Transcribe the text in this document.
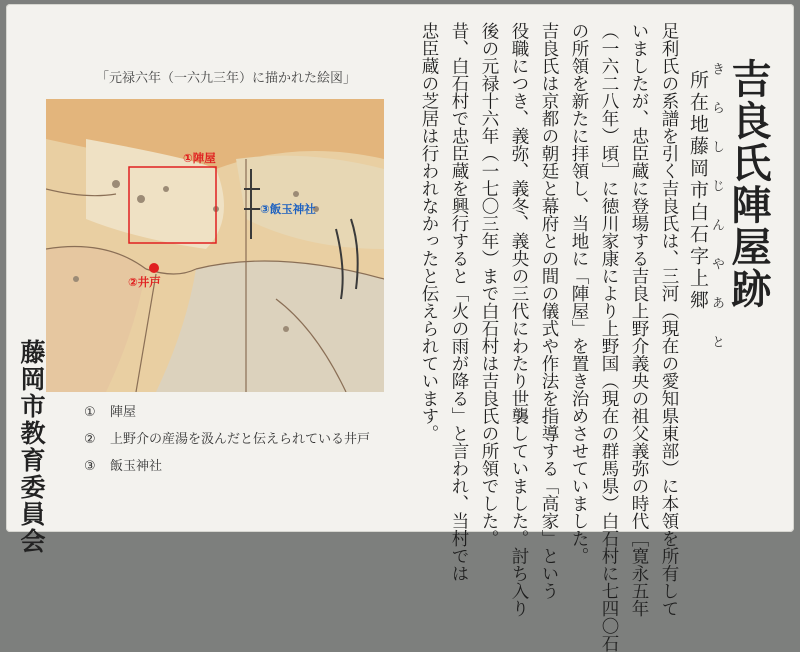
吉良氏陣屋跡
きらしじんやあと
所在地
藤岡市白石字上郷

足利氏の系譜を引く吉良氏は、三河（現在の愛知県東部）に本領を所有して

いましたが、忠臣蔵に登場する吉良上野介義央の祖父義弥の時代［寛永五年

（一六二八年）頃］に徳川家康により上野国（現在の群馬県）白石村に七四〇石

の所領を新たに拝領し、当地に「陣屋」を置き治めさせていました。

吉良氏は京都の朝廷と幕府との間の儀式や作法を指導する「高家」という

役職につき、義弥、義冬、義央の三代にわたり世襲していました。討ち入り

後の元禄十六年（一七〇三年）まで白石村は吉良氏の所領でした。

昔、白石村で忠臣蔵を興行すると「火の雨が降る」と言われ、当村では

忠臣蔵の芝居は行われなかったと伝えられています。

藤岡市教育委員会
「元禄六年（一六九三年）に描かれた絵図」
①陣屋
②井戸
③飯玉神社
① 陣屋
② 上野介の産湯を汲んだと伝えられている井戸
③ 飯玉神社
